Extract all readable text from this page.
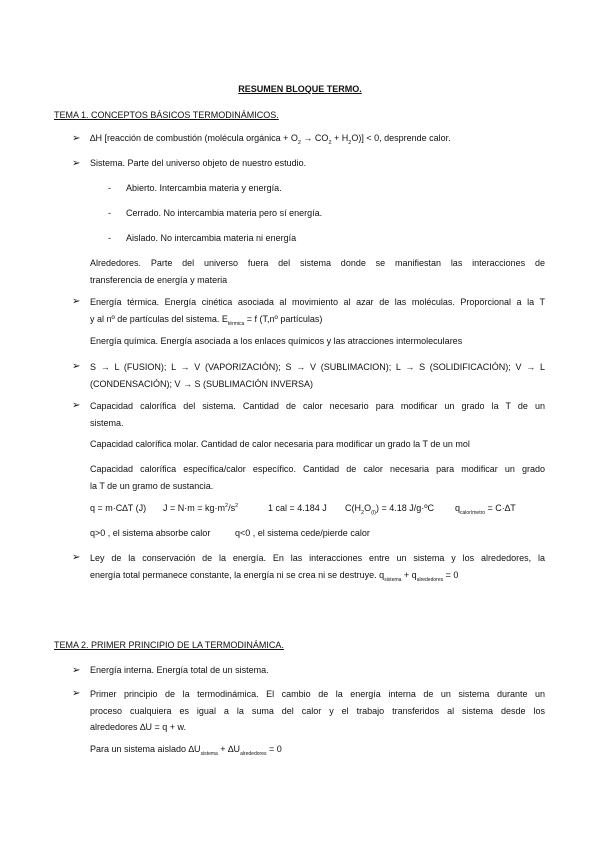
RESUMEN BLOQUE TERMO.
TEMA 1. CONCEPTOS BÁSICOS TERMODINÁMICOS.
➢ ∆H [reacción de combustión (molécula orgánica + $O_2 \to CO_2 + H_2O)] < 0$, desprende calor.
➢ Sistema. Parte del universo objeto de nuestro estudio.
- Abierto. Intercambia materia y energía.
- Cerrado. No intercambia materia pero sí energía.
- Aislado. No intercambia materia ni energía
Alrededores. Parte del universo fuera del sistema donde se manifiestan las interacciones de
transferencia de energía y materia
➢ Energía térmica. Energía cinética asociada al movimiento al azar de las moléculas. Proporcional a la T
y al nº de partículas del sistema. $E_{térmica} = f$ (T,nº partículas)
Energía química. Energía asociada a los enlaces químicos y las atracciones intermoleculares
➢ S → L (FUSION); L → V (VAPORIZACIÓN); S → V (SUBLIMACION); L → S (SOLIDIFICACIÓN); V → L
(CONDENSACIÓN); V → S (SUBLIMACIÓN INVERSA)
➢ Capacidad calorífica del sistema. Cantidad de calor necesario para modificar un grado la T de un
sistema.
Capacidad calorífica molar. Cantidad de calor necesaria para modificar un grado la T de un mol
Capacidad calorífica específica/calor específico. Cantidad de calor necesaria para modificar un grado
la T de un gramo de sustancia.
q = m·C∆T (J) $J = N\cdot m = kg\cdot m^2/s^2$	1 cal = 4.184 J $C(H_2O_{(l)}) = 4.18$ J/g·ºC $q_{calorímetro} = C\cdot\Delta T$
q>0 , el sistema absorbe calor	q<0 , el sistema cede/pierde calor
➢ Ley de la conservación de la energía. En las interacciones entre un sistema y los alrededores, la
energía total permanece constante, la energía ni se crea ni se destruye. $q_{sistema} + q_{alrededores} = 0$
TEMA 2. PRIMER PRINCIPIO DE LA TERMODINÁMICA.
➢ Energía interna. Energía total de un sistema.
➢ Primer principio de la termodinámica. El cambio de la energía interna de un sistema durante un
proceso cualquiera es igual a la suma del calor y el trabajo transferidos al sistema desde los
alrededores ∆U = q + w.
Para un sistema aislado $\Delta U_{sistema} + \Delta U_{alrededores} = 0$
